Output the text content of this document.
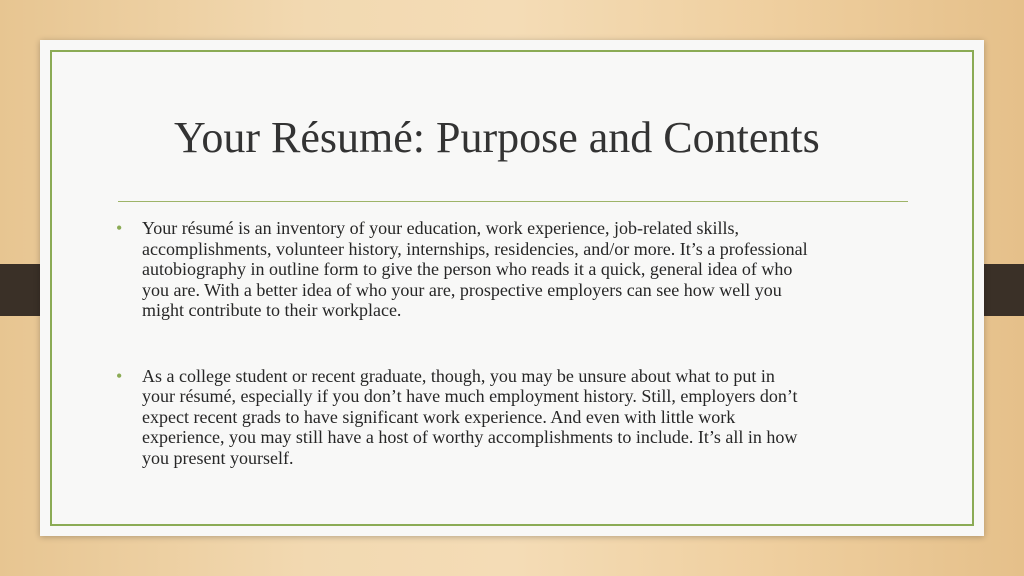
Your Résumé: Purpose and Contents
• Your résumé is an inventory of your education, work experience, job-related skills,
accomplishments, volunteer history, internships, residencies, and/or more. It’s a professional
autobiography in outline form to give the person who reads it a quick, general idea of who
you are. With a better idea of who your are, prospective employers can see how well you
might contribute to their workplace.
• As a college student or recent graduate, though, you may be unsure about what to put in
your résumé, especially if you don’t have much employment history. Still, employers don’t
expect recent grads to have significant work experience. And even with little work
experience, you may still have a host of worthy accomplishments to include. It’s all in how
you present yourself.
